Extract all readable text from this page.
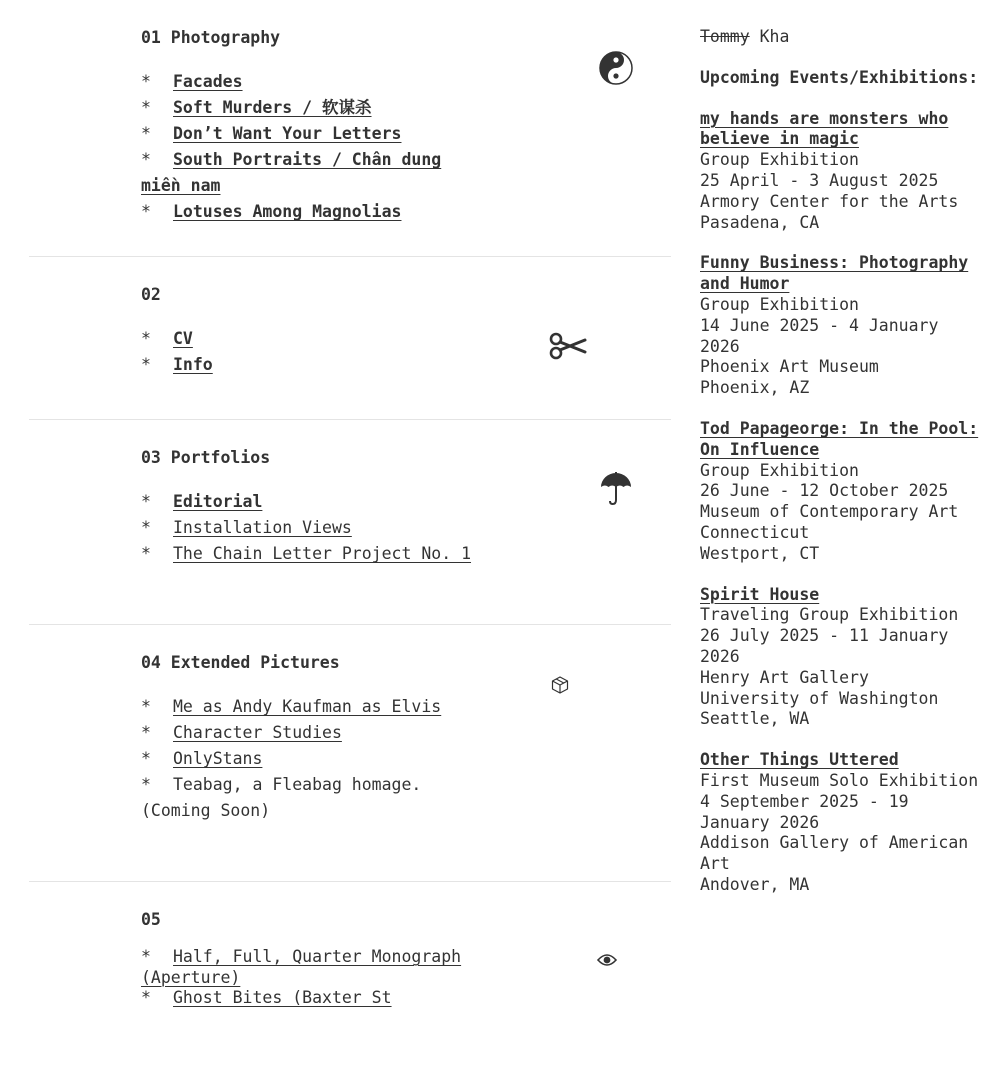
01 Photography
* Facades
* Soft Murders / 软谋杀
* Don’t Want Your Letters
* South Portraits / Chân dung miền nam
* Lotuses Among Magnolias
02
* CV
* Info
03 Portfolios
* Editorial
* Installation Views
* The Chain Letter Project No. 1
04 Extended Pictures
* Me as Andy Kaufman as Elvis
* Character Studies
* OnlyStans
* Teabag, a Fleabag homage. (Coming Soon)
05
* Half, Full, Quarter Monograph (Aperture)
* Ghost Bites (Baxter St
Tommy Kha
Upcoming Events/Exhibitions:
my hands are monsters who believe in magic
Group Exhibition
25 April - 3 August 2025
Armory Center for the Arts
Pasadena, CA
Funny Business: Photography and Humor
Group Exhibition
14 June 2025 - 4 January 2026
Phoenix Art Museum
Phoenix, AZ
Tod Papageorge: In the Pool: On Influence
Group Exhibition
26 June - 12 October 2025
Museum of Contemporary Art Connecticut
Westport, CT
Spirit House
Traveling Group Exhibition
26 July 2025 - 11 January 2026
Henry Art Gallery
University of Washington
Seattle, WA
Other Things Uttered
First Museum Solo Exhibition
4 September 2025 - 19 January 2026
Addison Gallery of American Art
Andover, MA
